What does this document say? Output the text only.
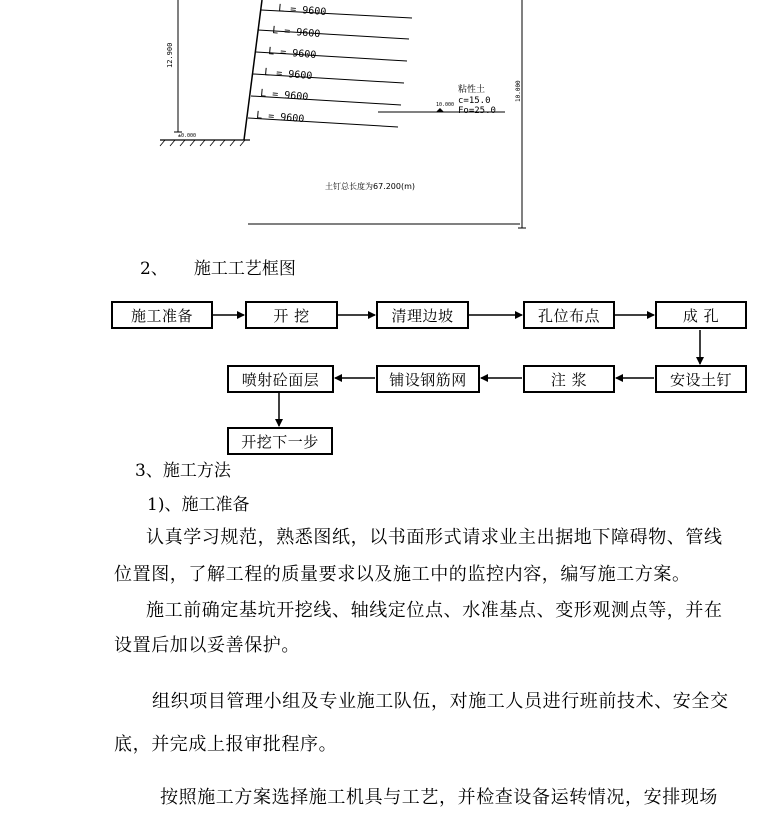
12.900
±0.000
L = 9600
L = 9600
L = 9600
L = 9600
L = 9600
L = 9600
10.000
粘性土
c=15.0
Fo=25.0
10.000
土钉总长度为67.200(m)
2、 施工工艺框图
施工准备	开 挖	清理边坡	孔位布点	成 孔
安设土钉
注 浆
铺设钢筋网
喷射砼面层
开挖下一步
3、施工方法
1)、施工准备
认真学习规范，熟悉图纸，以书面形式请求业主出据地下障碍物、管线
位置图，了解工程的质量要求以及施工中的监控内容，编写施工方案。
施工前确定基坑开挖线、轴线定位点、水准基点、变形观测点等，并在
设置后加以妥善保护。
组织项目管理小组及专业施工队伍，对施工人员进行班前技术、安全交
底，并完成上报审批程序。
按照施工方案选择施工机具与工艺，并检查设备运转情况，安排现场
